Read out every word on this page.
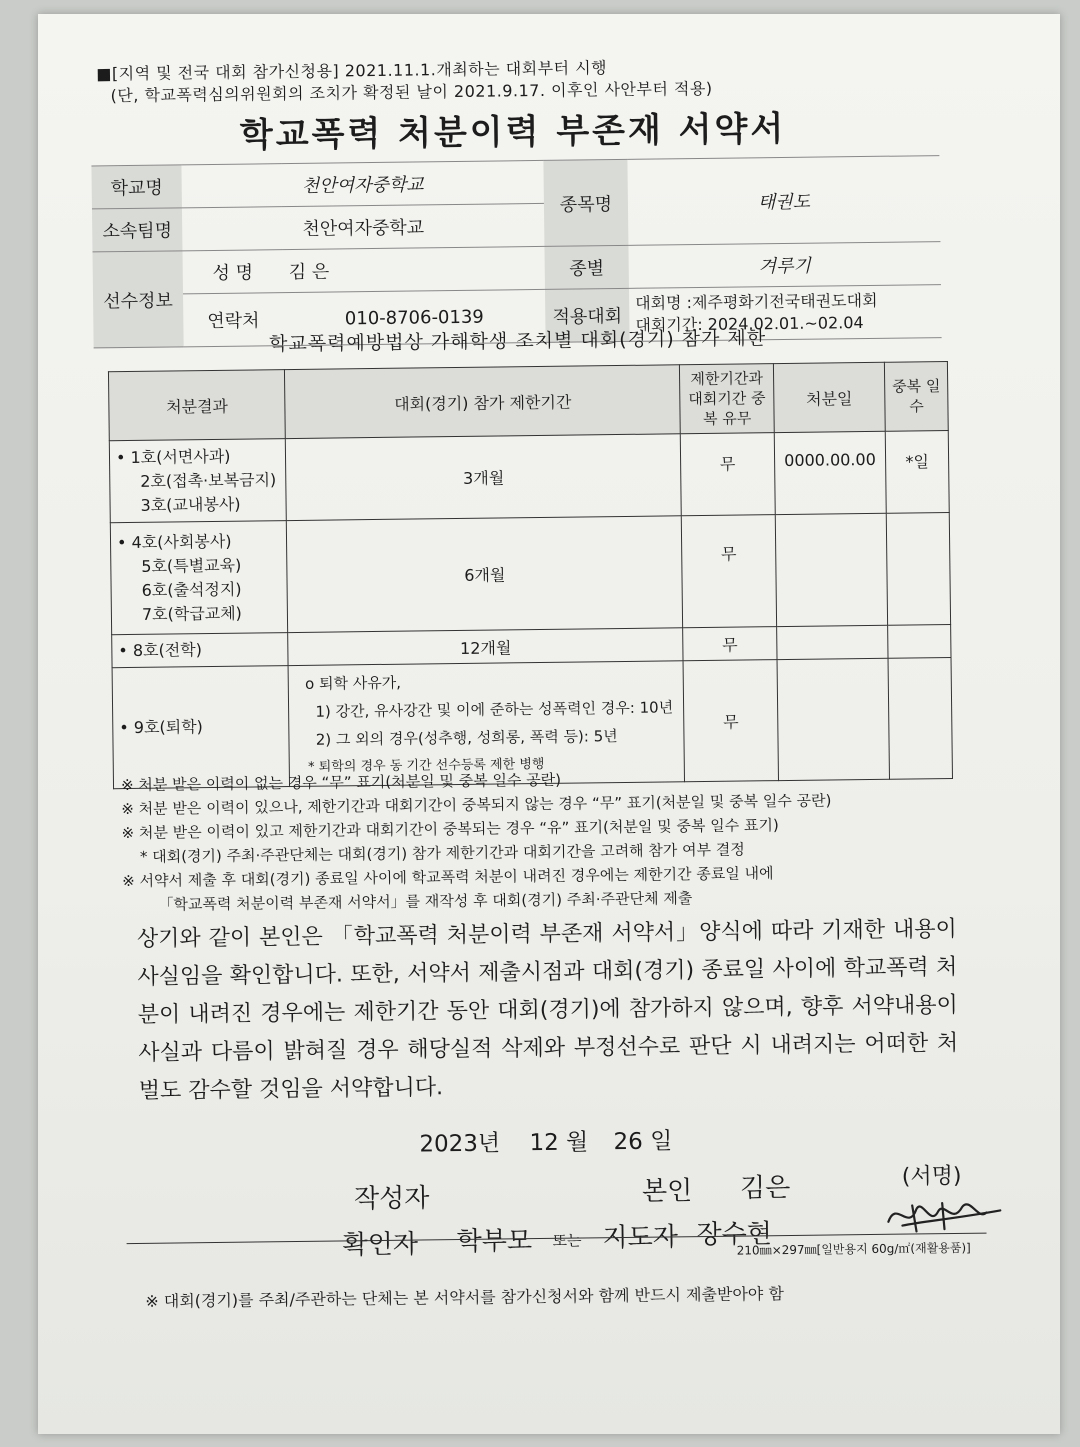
■[지역 및 전국 대회 참가신청용] 2021.11.1.개최하는 대회부터 시행
(단, 학교폭력심의위원회의 조치가 확정된 날이 2021.9.17. 이후인 사안부터 적용)
학교폭력 처분이력 부존재 서약서
학교명	천안여자중학교		종목명	태권도
소속팀명	천안여자중학교			
선수정보	성 명	김 은	종별	겨루기
	연락처	010-8706-0139	적용대회	대회명 :제주평화기전국태권도대회
대회기간: 2024.02.01.~02.04
학교폭력예방법상 가해학생 조치별 대회(경기) 참가 제한
처분결과	대회(경기) 참가 제한기간	제한기간과 대회기간 중복 유무	처분일	중복 일수

• 1호(서면사과)
2호(접촉·보복금지)
3호(교내봉사)	3개월	무	0000.00.00	*일

• 4호(사회봉사)
5호(특별교육)
6호(출석정지)
7호(학급교체)	6개월	무		

• 8호(전학)	12개월	무		

• 9호(퇴학)	o 퇴학 사유가,
1) 강간, 유사강간 및 이에 준하는 성폭력인 경우: 10년
2) 그 외의 경우(성추행, 성희롱, 폭력 등): 5년
* 퇴학의 경우 동 기간 선수등록 제한 병행	무		
※ 처분 받은 이력이 없는 경우 “무” 표기(처분일 및 중복 일수 공란)
※ 처분 받은 이력이 있으나, 제한기간과 대회기간이 중복되지 않는 경우 “무” 표기(처분일 및 중복 일수 공란)
※ 처분 받은 이력이 있고 제한기간과 대회기간이 중복되는 경우 “유” 표기(처분일 및 중복 일수 표기)
* 대회(경기) 주최·주관단체는 대회(경기) 참가 제한기간과 대회기간을 고려해 참가 여부 결정
※ 서약서 제출 후 대회(경기) 종료일 사이에 학교폭력 처분이 내려진 경우에는 제한기간 종료일 내에
「학교폭력 처분이력 부존재 서약서」를 재작성 후 대회(경기) 주최·주관단체 제출
상기와 같이 본인은 「학교폭력 처분이력 부존재 서약서」양식에 따라 기재한 내용이 사실임을 확인합니다. 또한, 서약서 제출시점과 대회(경기) 종료일 사이에 학교폭력 처분이 내려진 경우에는 제한기간 동안 대회(경기)에 참가하지 않으며, 향후 서약내용이 사실과 다름이 밝혀질 경우 해당실적 삭제와 부정선수로 판단 시 내려지는 어떠한 처벌도 감수할 것임을 서약합니다.
2023년 12 월 26 일
작성자	본인 김은	(서명)
확인자 학부모 또는 지도자 장수현
210㎜×297㎜[일반용지 60g/㎡(재활용품)]
※ 대회(경기)를 주최/주관하는 단체는 본 서약서를 참가신청서와 함께 반드시 제출받아야 함
